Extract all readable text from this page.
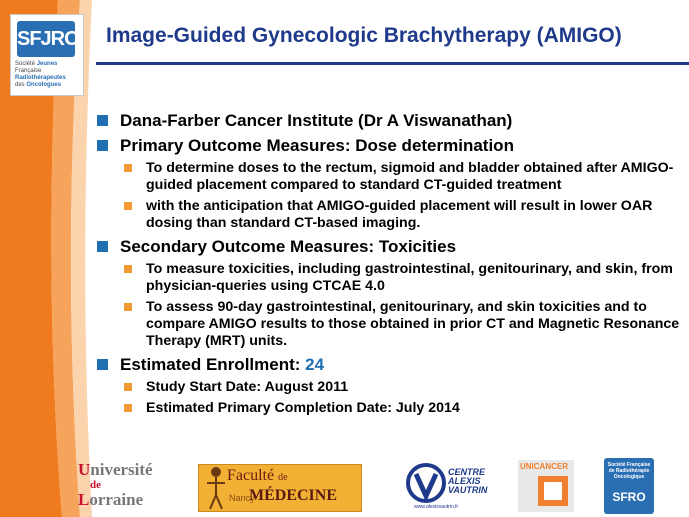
SFJRO
Société Jeunes
Française Radiothérapeutes
des Oncologues
Image-Guided Gynecologic Brachytherapy (AMIGO)
Dana-Farber Cancer Institute (Dr A Viswanathan)
Primary Outcome Measures: Dose determination
To determine doses to the rectum, sigmoid and bladder obtained after AMIGO-guided placement compared to standard CT-guided treatment
with the anticipation that AMIGO-guided placement will result in lower OAR dosing than standard CT-based imaging.
Secondary Outcome Measures: Toxicities
To measure toxicities, including gastrointestinal, genitourinary, and skin, from physician-queries using CTCAE 4.0
To assess 90-day gastrointestinal, genitourinary, and skin toxicities and to compare AMIGO results to those obtained in prior CT and Magnetic Resonance Therapy (MRT) units.
Estimated Enrollment: 24
Study Start Date: August 2011
Estimated Primary Completion Date: July 2014
Université
de
Lorraine
Faculté de
Nancy
MÉDECINE
CENTRE
ALEXIS
VAUTRIN
www.alexisvautrin.fr
UNICANCER	Société Française de Radiothérapie Oncologique
SFRO
